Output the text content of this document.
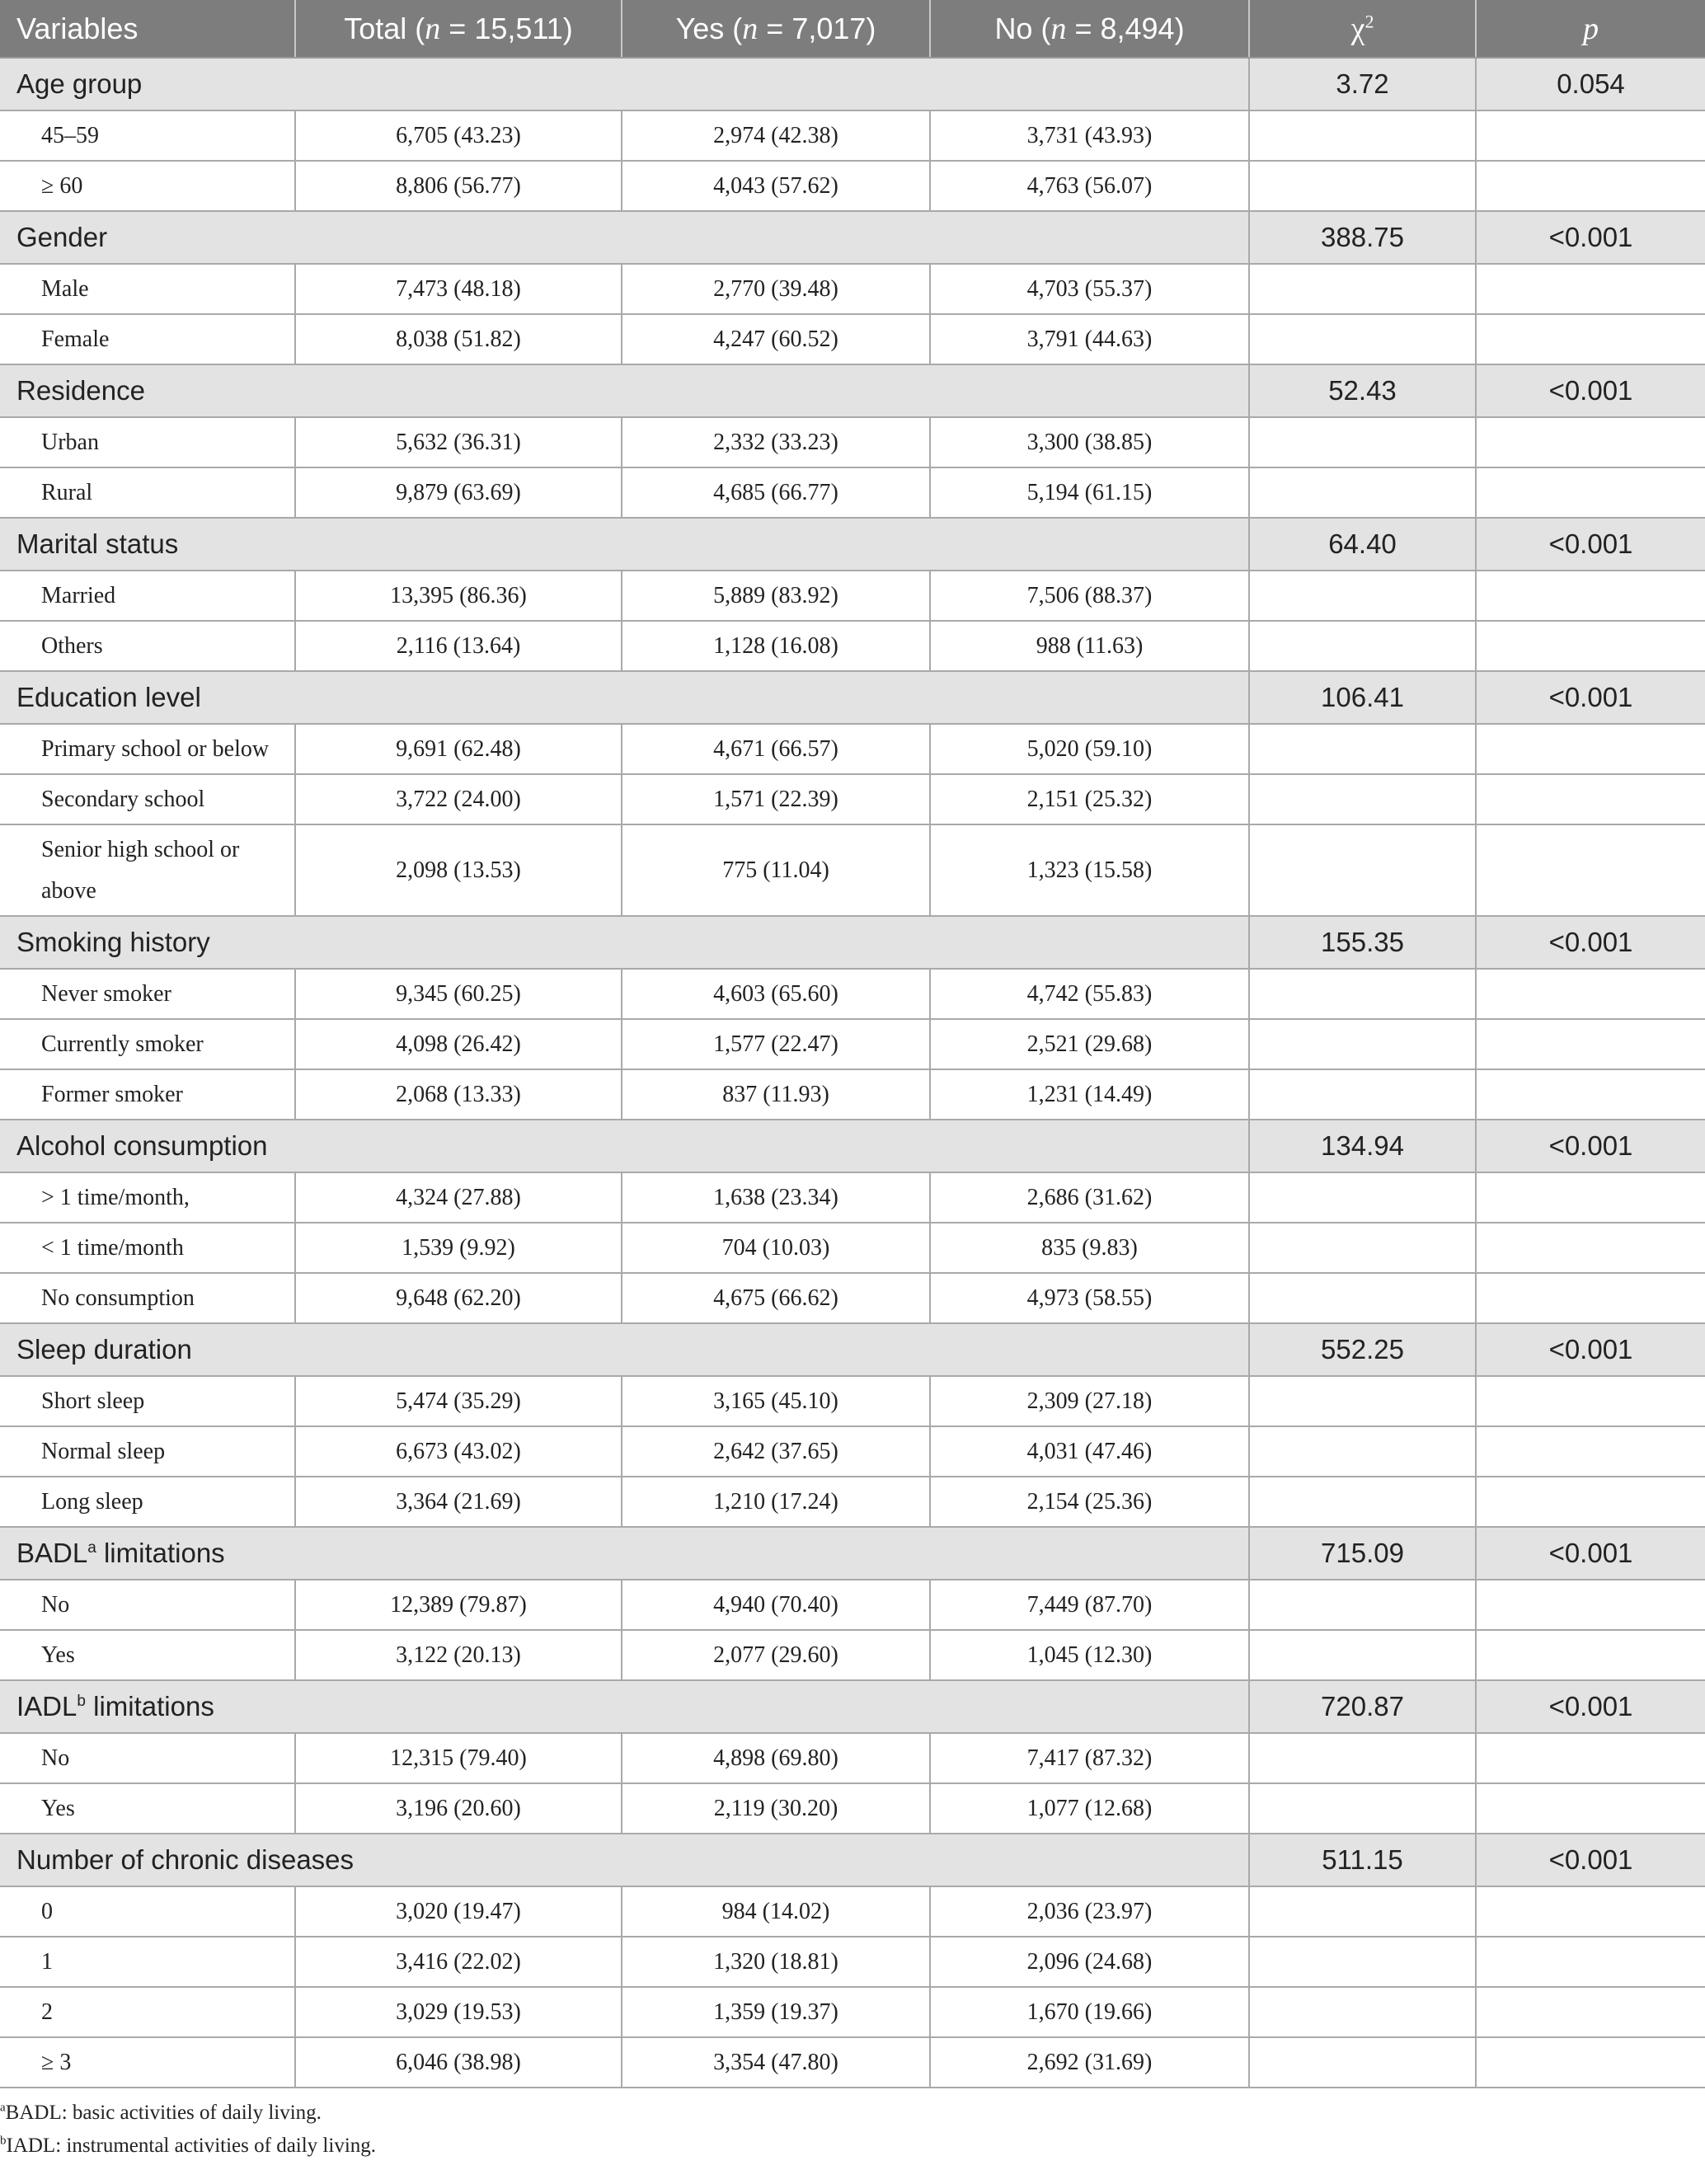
Variables	Total (n = 15,511)	Yes (n = 7,017)	No (n = 8,494)	$\chi^2$	p
Age group				3.72	0.054
45–59	6,705 (43.23)	2,974 (42.38)	3,731 (43.93)		
≥ 60	8,806 (56.77)	4,043 (57.62)	4,763 (56.07)		
Gender				388.75	<0.001
Male	7,473 (48.18)	2,770 (39.48)	4,703 (55.37)		
Female	8,038 (51.82)	4,247 (60.52)	3,791 (44.63)		
Residence				52.43	<0.001
Urban	5,632 (36.31)	2,332 (33.23)	3,300 (38.85)		
Rural	9,879 (63.69)	4,685 (66.77)	5,194 (61.15)		
Marital status				64.40	<0.001
Married	13,395 (86.36)	5,889 (83.92)	7,506 (88.37)		
Others	2,116 (13.64)	1,128 (16.08)	988 (11.63)		
Education level				106.41	<0.001
Primary school or below	9,691 (62.48)	4,671 (66.57)	5,020 (59.10)		
Secondary school	3,722 (24.00)	1,571 (22.39)	2,151 (25.32)		
Senior high school or above	2,098 (13.53)	775 (11.04)	1,323 (15.58)		
Smoking history				155.35	<0.001
Never smoker	9,345 (60.25)	4,603 (65.60)	4,742 (55.83)		
Currently smoker	4,098 (26.42)	1,577 (22.47)	2,521 (29.68)		
Former smoker	2,068 (13.33)	837 (11.93)	1,231 (14.49)		
Alcohol consumption				134.94	<0.001
> 1 time/month,	4,324 (27.88)	1,638 (23.34)	2,686 (31.62)		
< 1 time/month	1,539 (9.92)	704 (10.03)	835 (9.83)		
No consumption	9,648 (62.20)	4,675 (66.62)	4,973 (58.55)		
Sleep duration				552.25	<0.001
Short sleep	5,474 (35.29)	3,165 (45.10)	2,309 (27.18)		
Normal sleep	6,673 (43.02)	2,642 (37.65)	4,031 (47.46)		
Long sleep	3,364 (21.69)	1,210 (17.24)	2,154 (25.36)		
BADL$^a$ limitations				715.09	<0.001
No	12,389 (79.87)	4,940 (70.40)	7,449 (87.70)		
Yes	3,122 (20.13)	2,077 (29.60)	1,045 (12.30)		
IADL$^b$ limitations				720.87	<0.001
No	12,315 (79.40)	4,898 (69.80)	7,417 (87.32)		
Yes	3,196 (20.60)	2,119 (30.20)	1,077 (12.68)		
Number of chronic diseases				511.15	<0.001
0	3,020 (19.47)	984 (14.02)	2,036 (23.97)		
1	3,416 (22.02)	1,320 (18.81)	2,096 (24.68)		
2	3,029 (19.53)	1,359 (19.37)	1,670 (19.66)		
≥ 3	6,046 (38.98)	3,354 (47.80)	2,692 (31.69)		

$^a$BADL: basic activities of daily living.

$^b$IADL: instrumental activities of daily living.
